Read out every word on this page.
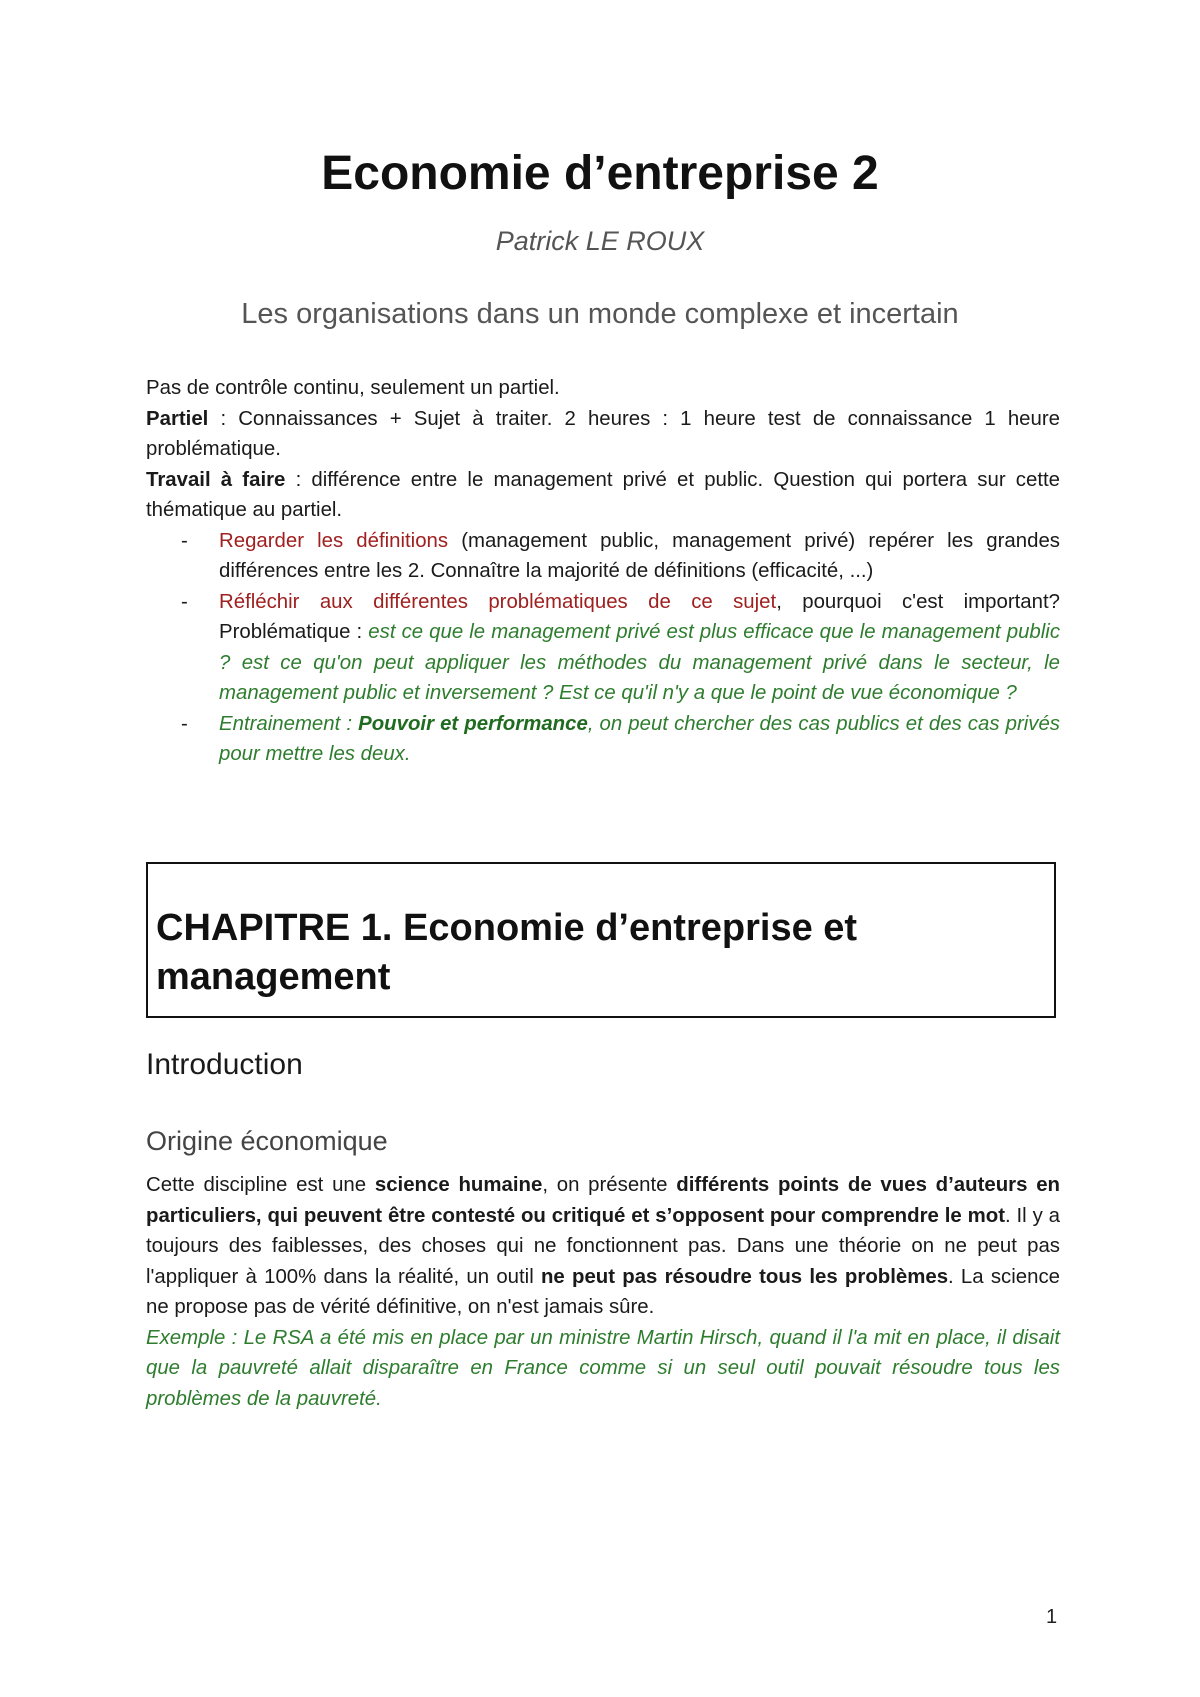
Economie d’entreprise 2

Patrick LE ROUX

Les organisations dans un monde complexe et incertain

Pas de contrôle continu, seulement un partiel.

Partiel : Connaissances + Sujet à traiter. 2 heures : 1 heure test de connaissance 1 heure problématique.

Travail à faire : différence entre le management privé et public. Question qui portera sur cette thématique au partiel.

- Regarder les définitions (management public, management privé) repérer les grandes différences entre les 2. Connaître la majorité de définitions (efficacité, ...)
- Réfléchir aux différentes problématiques de ce sujet, pourquoi c'est important? Problématique : est ce que le management privé est plus efficace que le management public ? est ce qu'on peut appliquer les méthodes du management privé dans le secteur, le management public et inversement ? Est ce qu'il n'y a que le point de vue économique ?
- Entrainement : Pouvoir et performance, on peut chercher des cas publics et des cas privés pour mettre les deux.
CHAPITRE 1. Economie d’entreprise et
management
Introduction
Origine économique

Cette discipline est une science humaine, on présente différents points de vues d’auteurs en particuliers, qui peuvent être contesté ou critiqué et s’opposent pour comprendre le mot. Il y a toujours des faiblesses, des choses qui ne fonctionnent pas. Dans une théorie on ne peut pas l'appliquer à 100% dans la réalité, un outil ne peut pas résoudre tous les problèmes. La science ne propose pas de vérité définitive, on n'est jamais sûre.

Exemple : Le RSA a été mis en place par un ministre Martin Hirsch, quand il l'a mit en place, il disait que la pauvreté allait disparaître en France comme si un seul outil pouvait résoudre tous les problèmes de la pauvreté.

1
